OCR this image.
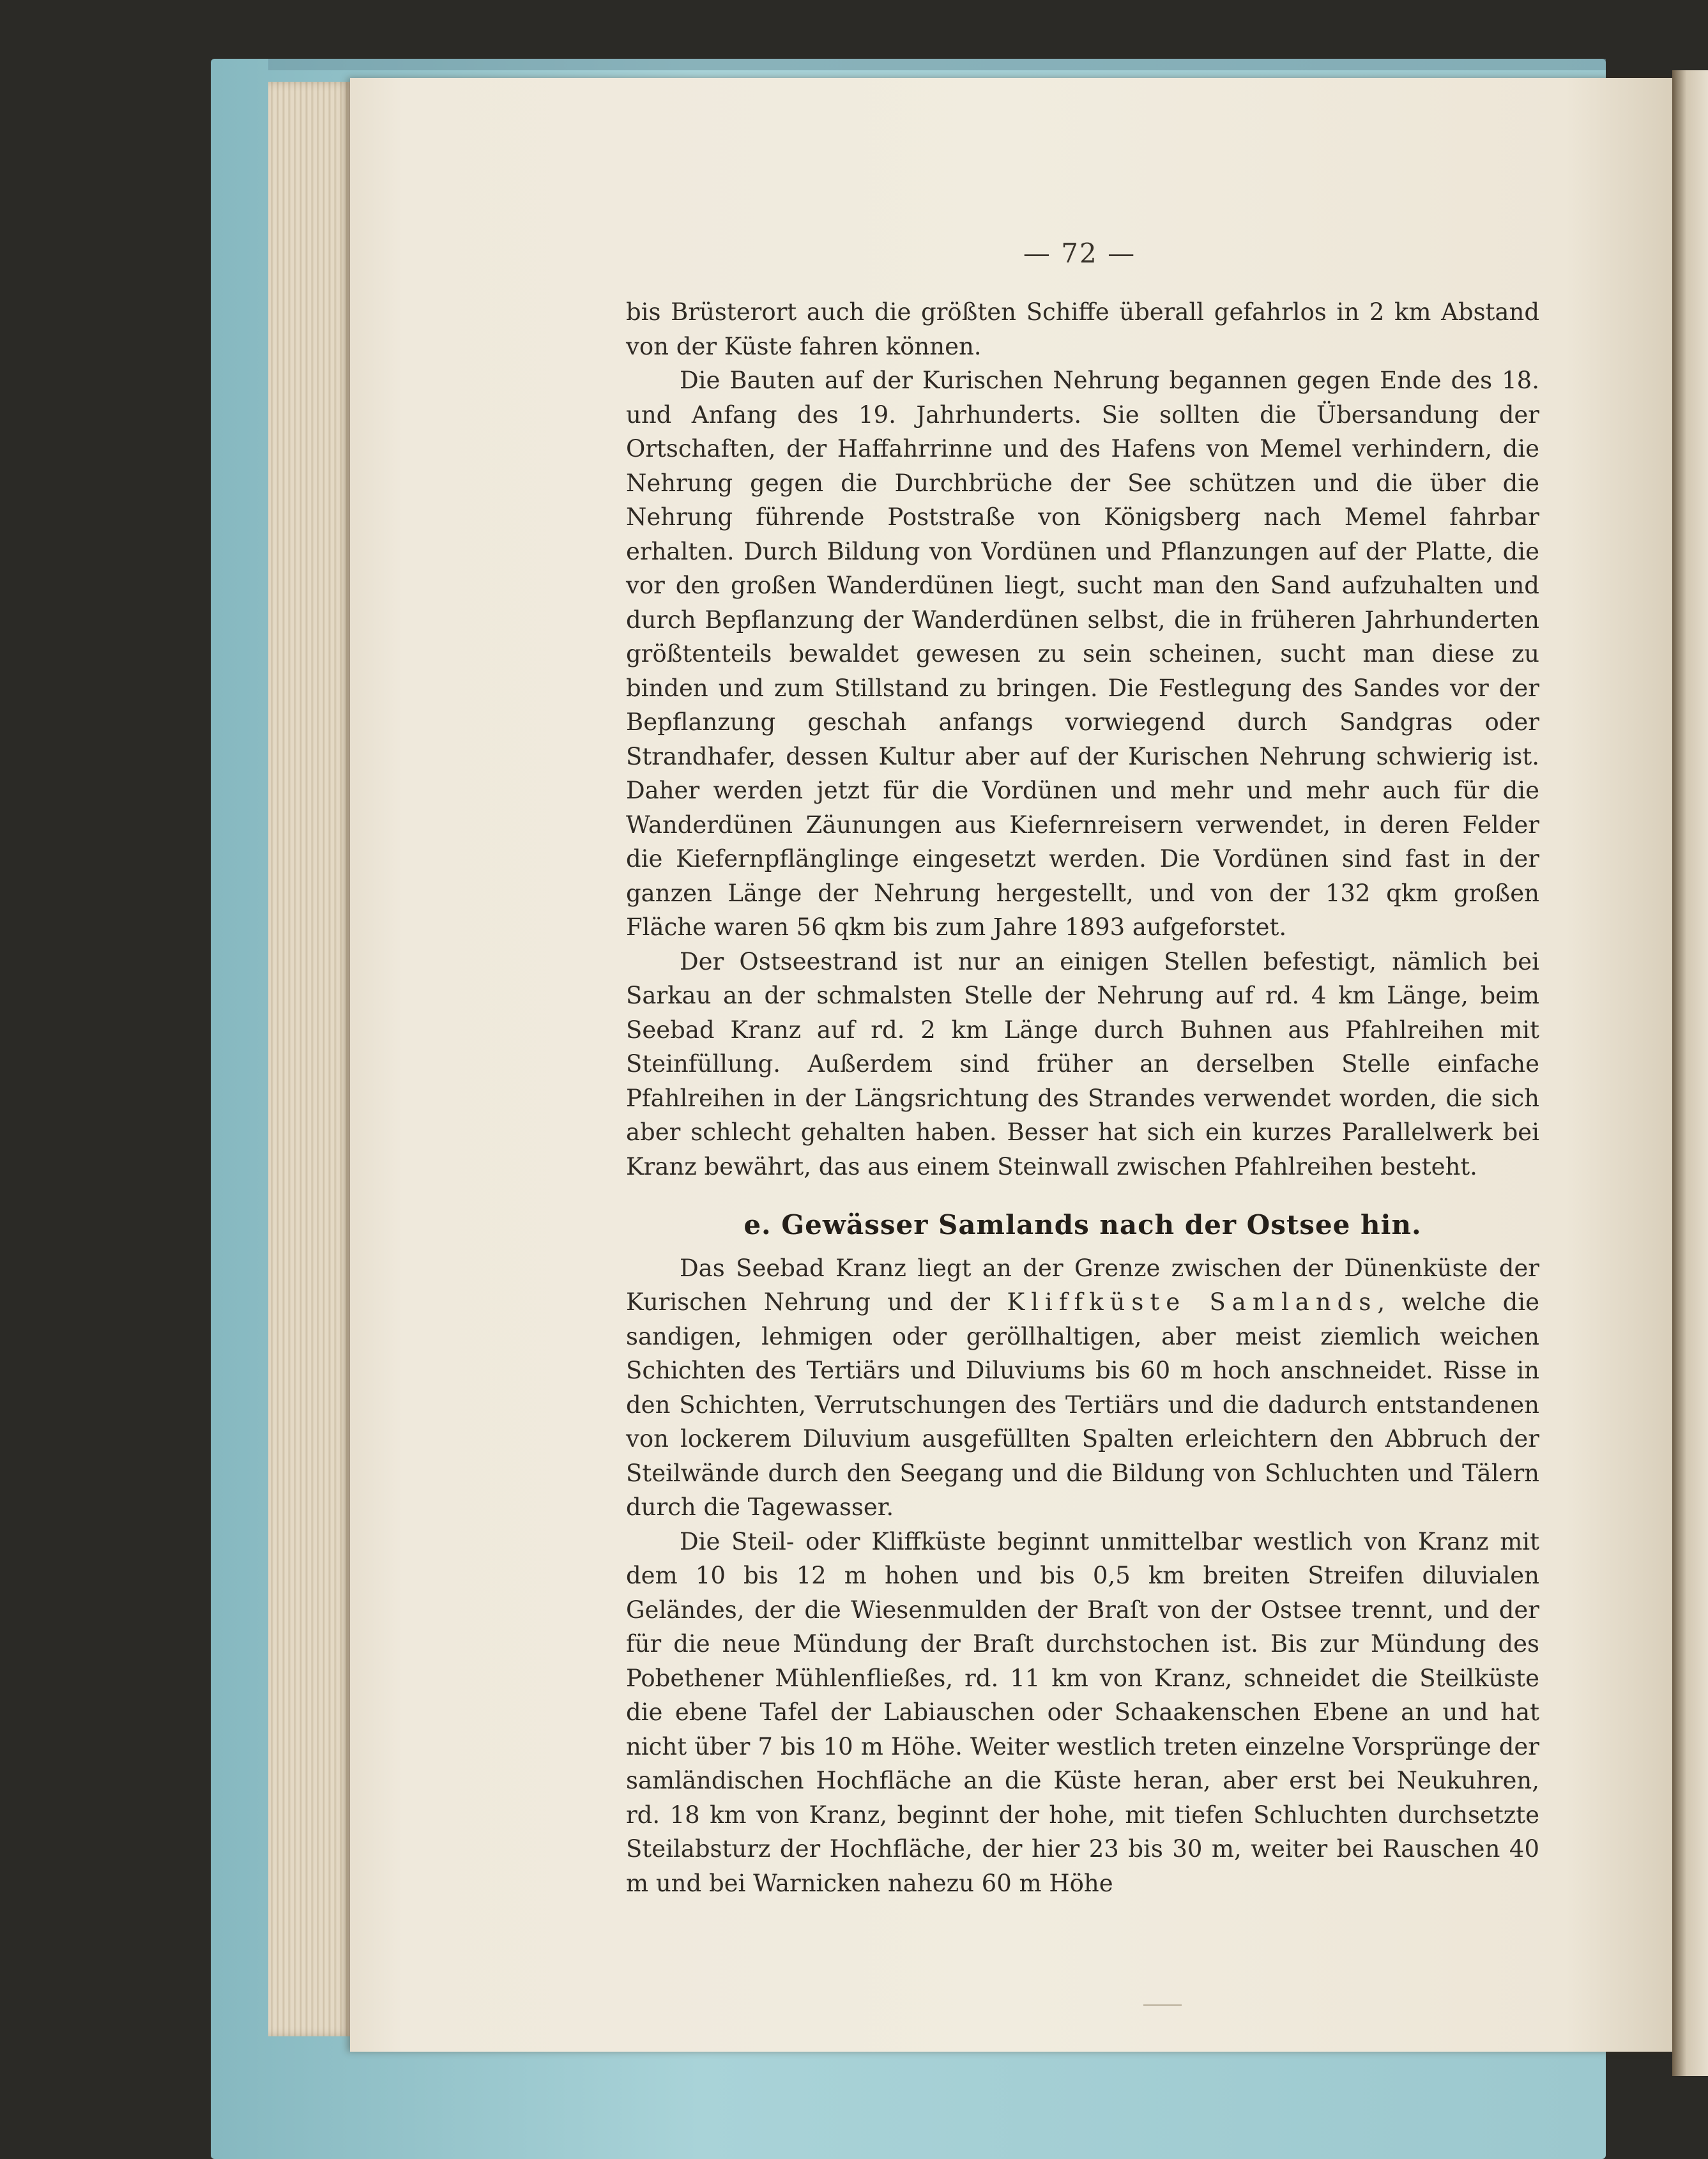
— 72 —

bis Brüsterort auch die größten Schiffe überall gefahrlos in 2 km Abstand von der Küste fahren können.

Die Bauten auf der Kurischen Nehrung begannen gegen Ende des 18. und Anfang des 19. Jahrhunderts. Sie sollten die Übersandung der Ortschaften, der Haffahrrinne und des Hafens von Memel verhindern, die Nehrung gegen die Durchbrüche der See schützen und die über die Nehrung führende Poststraße von Königsberg nach Memel fahrbar erhalten. Durch Bildung von Vordünen und Pflanzungen auf der Platte, die vor den großen Wanderdünen liegt, sucht man den Sand aufzuhalten und durch Bepflanzung der Wanderdünen selbst, die in früheren Jahrhunderten größtenteils bewaldet gewesen zu sein scheinen, sucht man diese zu binden und zum Stillstand zu bringen. Die Festlegung des Sandes vor der Bepflanzung geschah anfangs vorwiegend durch Sandgras oder Strandhafer, dessen Kultur aber auf der Kurischen Nehrung schwierig ist. Daher werden jetzt für die Vordünen und mehr und mehr auch für die Wanderdünen Zäunungen aus Kiefernreisern verwendet, in deren Felder die Kiefernpflänglinge eingesetzt werden. Die Vordünen sind fast in der ganzen Länge der Nehrung hergestellt, und von der 132 qkm großen Fläche waren 56 qkm bis zum Jahre 1893 aufgeforstet.

Der Ostseestrand ist nur an einigen Stellen befestigt, nämlich bei Sarkau an der schmalsten Stelle der Nehrung auf rd. 4 km Länge, beim Seebad Kranz auf rd. 2 km Länge durch Buhnen aus Pfahlreihen mit Steinfüllung. Außerdem sind früher an derselben Stelle einfache Pfahlreihen in der Längsrichtung des Strandes verwendet worden, die sich aber schlecht gehalten haben. Besser hat sich ein kurzes Parallelwerk bei Kranz bewährt, das aus einem Steinwall zwischen Pfahlreihen besteht.

e. Gewässer Samlands nach der Ostsee hin.

Das Seebad Kranz liegt an der Grenze zwischen der Dünenküste der Kurischen Nehrung und der Kliffküste Samlands, welche die sandigen, lehmigen oder geröllhaltigen, aber meist ziemlich weichen Schichten des Tertiärs und Diluviums bis 60 m hoch anschneidet. Risse in den Schichten, Verrutschungen des Tertiärs und die dadurch entstandenen von lockerem Diluvium ausgefüllten Spalten erleichtern den Abbruch der Steilwände durch den Seegang und die Bildung von Schluchten und Tälern durch die Tagewasser.

Die Steil- oder Kliffküste beginnt unmittelbar westlich von Kranz mit dem 10 bis 12 m hohen und bis 0,5 km breiten Streifen diluvialen Geländes, der die Wiesenmulden der Braſt von der Ostsee trennt, und der für die neue Mündung der Braſt durchstochen ist. Bis zur Mündung des Pobethener Mühlenfließes, rd. 11 km von Kranz, schneidet die Steilküste die ebene Tafel der Labiauschen oder Schaakenschen Ebene an und hat nicht über 7 bis 10 m Höhe. Weiter westlich treten einzelne Vorsprünge der samländischen Hochfläche an die Küste heran, aber erst bei Neukuhren, rd. 18 km von Kranz, beginnt der hohe, mit tiefen Schluchten durchsetzte Steilabsturz der Hochfläche, der hier 23 bis 30 m, weiter bei Rauschen 40 m und bei Warnicken nahezu 60 m Höhe
